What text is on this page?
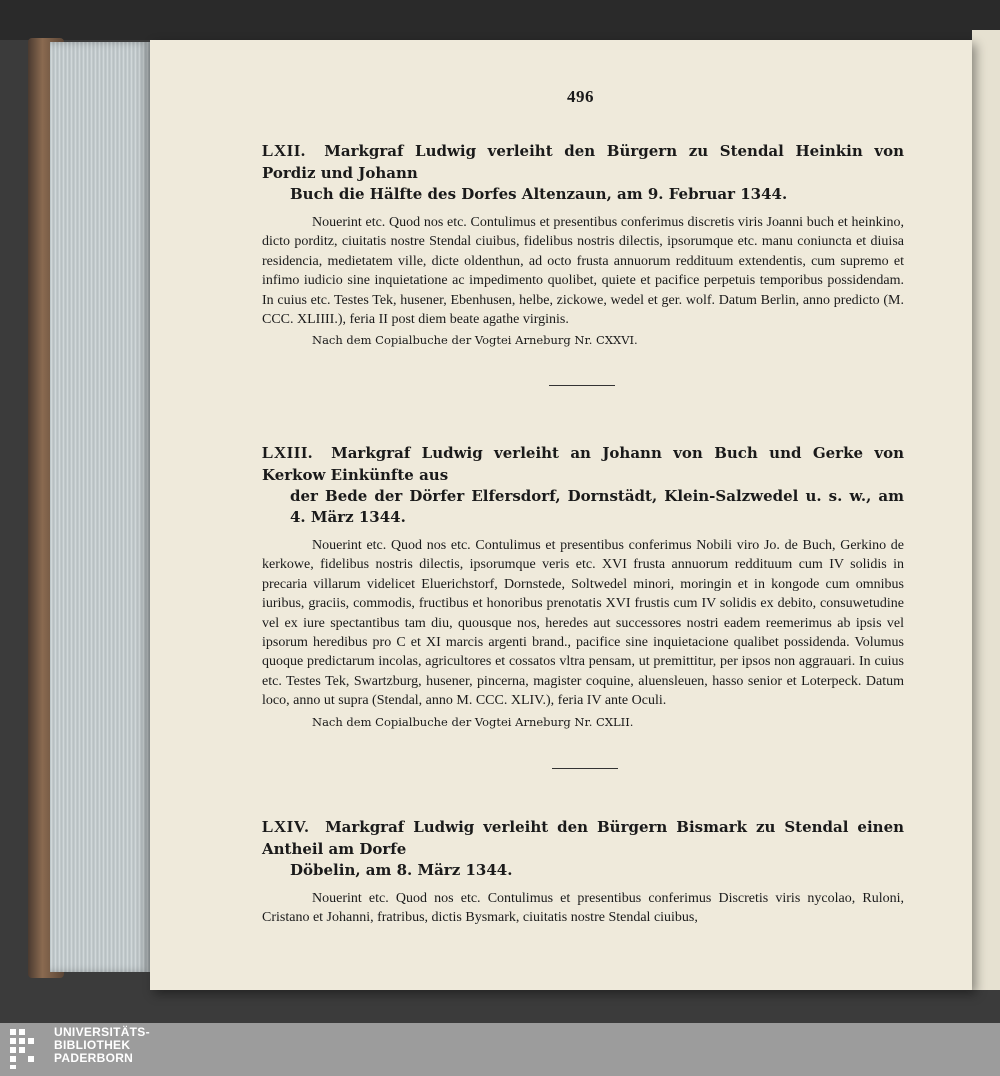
496
LXII. Markgraf Ludwig verleiht den Bürgern zu Stendal Heinkin von Pordiz und Johann
Buch die Hälfte des Dorfes Altenzaun, am 9. Februar 1344.

Nouerint etc. Quod nos etc. Contulimus et presentibus conferimus discretis viris Joanni buch et heinkino, dicto porditz, ciuitatis nostre Stendal ciuibus, fidelibus nostris dilectis, ipsorumque etc. manu coniuncta et diuisa residencia, medietatem ville, dicte oldenthun, ad octo frusta annuorum reddituum extendentis, cum supremo et infimo iudicio sine inquietatione ac impedimento quolibet, quiete et pacifice perpetuis temporibus possidendam. In cuius etc. Testes Tek, husener, Ebenhusen, helbe, zickowe, wedel et ger. wolf. Datum Berlin, anno predicto (M. CCC. XLIIII.), feria II post diem beate agathe virginis.

Nach dem Copialbuche der Vogtei Arneburg Nr. CXXVI.
LXIII. Markgraf Ludwig verleiht an Johann von Buch und Gerke von Kerkow Einkünfte aus
der Bede der Dörfer Elfersdorf, Dornstädt, Klein-Salzwedel u. s. w., am 4. März 1344.

Nouerint etc. Quod nos etc. Contulimus et presentibus conferimus Nobili viro Jo. de Buch, Gerkino de kerkowe, fidelibus nostris dilectis, ipsorumque veris etc. XVI frusta annuorum reddituum cum IV solidis in precaria villarum videlicet Eluerichstorf, Dornstede, Soltwedel minori, moringin et in kongode cum omnibus iuribus, graciis, commodis, fructibus et honoribus prenotatis XVI frustis cum IV solidis ex debito, consuwetudine vel ex iure spectantibus tam diu, quousque nos, heredes aut successores nostri eadem reemerimus ab ipsis vel ipsorum heredibus pro C et XI marcis argenti brand., pacifice sine inquietacione qualibet possidenda. Volumus quoque predictarum incolas, agricultores et cossatos vltra pensam, ut premittitur, per ipsos non aggrauari. In cuius etc. Testes Tek, Swartzburg, husener, pincerna, magister coquine, aluensleuen, hasso senior et Loterpeck. Datum loco, anno ut supra (Stendal, anno M. CCC. XLIV.), feria IV ante Oculi.

Nach dem Copialbuche der Vogtei Arneburg Nr. CXLII.
LXIV. Markgraf Ludwig verleiht den Bürgern Bismark zu Stendal einen Antheil am Dorfe
Döbelin, am 8. März 1344.

Nouerint etc. Quod nos etc. Contulimus et presentibus conferimus Discretis viris nycolao, Ruloni, Cristano et Johanni, fratribus, dictis Bysmark, ciuitatis nostre Stendal ciuibus,

UNIVERSITÄTS-
BIBLIOTHEK
PADERBORN
